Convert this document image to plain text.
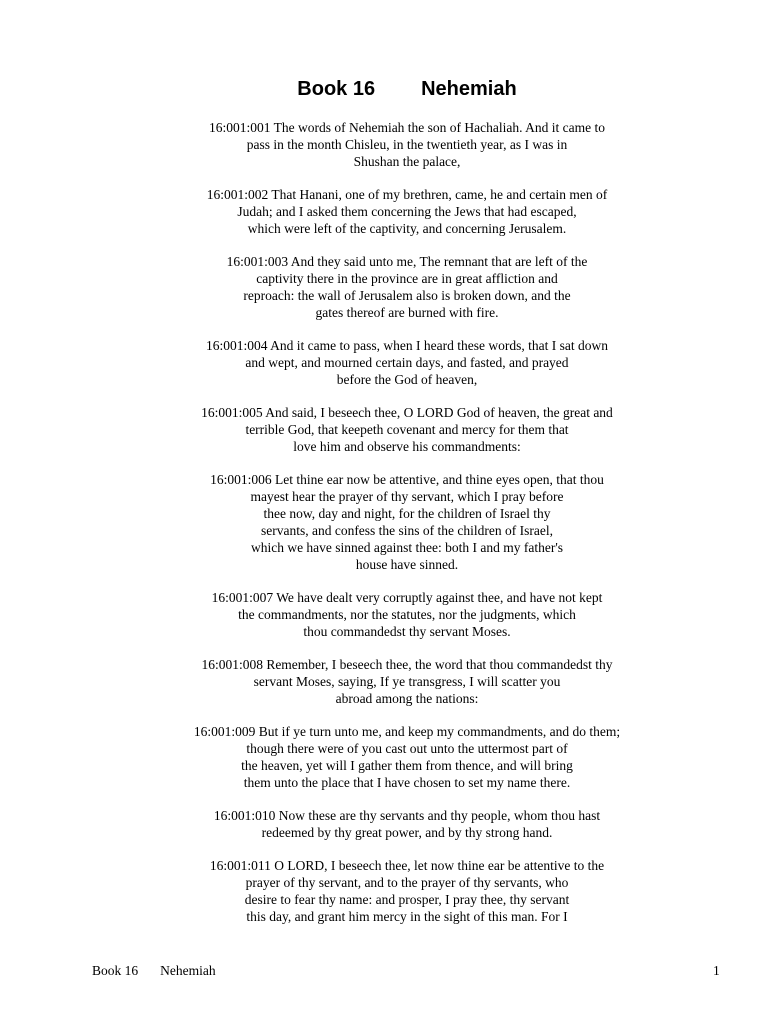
Book 16 Nehemiah

16:001:001 The words of Nehemiah the son of Hachaliah. And it came to
pass in the month Chisleu, in the twentieth year, as I was in
Shushan the palace,

16:001:002 That Hanani, one of my brethren, came, he and certain men of
Judah; and I asked them concerning the Jews that had escaped,
which were left of the captivity, and concerning Jerusalem.

16:001:003 And they said unto me, The remnant that are left of the
captivity there in the province are in great affliction and
reproach: the wall of Jerusalem also is broken down, and the
gates thereof are burned with fire.

16:001:004 And it came to pass, when I heard these words, that I sat down
and wept, and mourned certain days, and fasted, and prayed
before the God of heaven,

16:001:005 And said, I beseech thee, O LORD God of heaven, the great and
terrible God, that keepeth covenant and mercy for them that
love him and observe his commandments:

16:001:006 Let thine ear now be attentive, and thine eyes open, that thou
mayest hear the prayer of thy servant, which I pray before
thee now, day and night, for the children of Israel thy
servants, and confess the sins of the children of Israel,
which we have sinned against thee: both I and my father's
house have sinned.

16:001:007 We have dealt very corruptly against thee, and have not kept
the commandments, nor the statutes, nor the judgments, which
thou commandedst thy servant Moses.

16:001:008 Remember, I beseech thee, the word that thou commandedst thy
servant Moses, saying, If ye transgress, I will scatter you
abroad among the nations:

16:001:009 But if ye turn unto me, and keep my commandments, and do them;
though there were of you cast out unto the uttermost part of
the heaven, yet will I gather them from thence, and will bring
them unto the place that I have chosen to set my name there.

16:001:010 Now these are thy servants and thy people, whom thou hast
redeemed by thy great power, and by thy strong hand.

16:001:011 O LORD, I beseech thee, let now thine ear be attentive to the
prayer of thy servant, and to the prayer of thy servants, who
desire to fear thy name: and prosper, I pray thee, thy servant
this day, and grant him mercy in the sight of this man. For I

Book 16 Nehemiah	1
